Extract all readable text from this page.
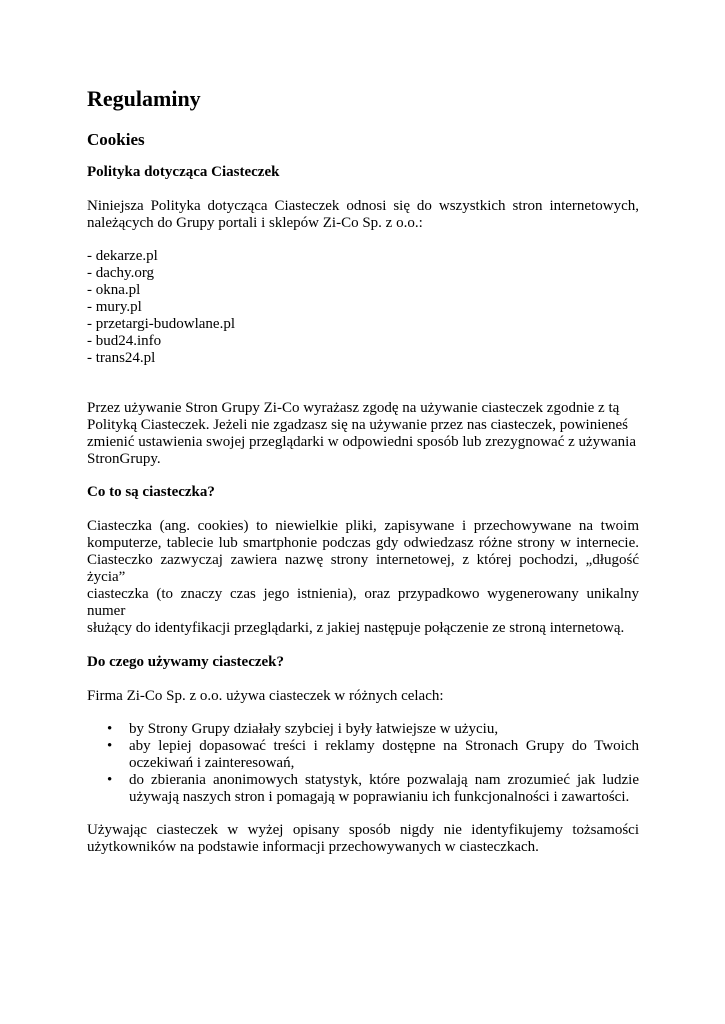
Regulaminy
Cookies
Polityka dotycząca Ciasteczek
Niniejsza Polityka dotycząca Ciasteczek odnosi się do wszystkich stron internetowych,
należących do Grupy portali i sklepów Zi-Co Sp. z o.o.:
- dekarze.pl
- dachy.org
- okna.pl
- mury.pl
- przetargi-budowlane.pl
- bud24.info
- trans24.pl
Przez używanie Stron Grupy Zi-Co wyrażasz zgodę na używanie ciasteczek zgodnie z tą
Polityką Ciasteczek. Jeżeli nie zgadzasz się na używanie przez nas ciasteczek, powinieneś
zmienić ustawienia swojej przeglądarki w odpowiedni sposób lub zrezygnować z używania
StronGrupy.
Co to są ciasteczka?
Ciasteczka (ang. cookies) to niewielkie pliki, zapisywane i przechowywane na twoim
komputerze, tablecie lub smartphonie podczas gdy odwiedzasz różne strony w internecie.
Ciasteczko zazwyczaj zawiera nazwę strony internetowej, z której pochodzi, „długość życia”
ciasteczka (to znaczy czas jego istnienia), oraz przypadkowo wygenerowany unikalny numer
służący do identyfikacji przeglądarki, z jakiej następuje połączenie ze stroną internetową.
Do czego używamy ciasteczek?
Firma Zi-Co Sp. z o.o. używa ciasteczek w różnych celach:
• by Strony Grupy działały szybciej i były łatwiejsze w użyciu,
• aby lepiej dopasować treści i reklamy dostępne na Stronach Grupy do Twoich
oczekiwań i zainteresowań,
• do zbierania anonimowych statystyk, które pozwalają nam zrozumieć jak ludzie
używają naszych stron i pomagają w poprawianiu ich funkcjonalności i zawartości.
Używając ciasteczek w wyżej opisany sposób nigdy nie identyfikujemy tożsamości
użytkowników na podstawie informacji przechowywanych w ciasteczkach.
